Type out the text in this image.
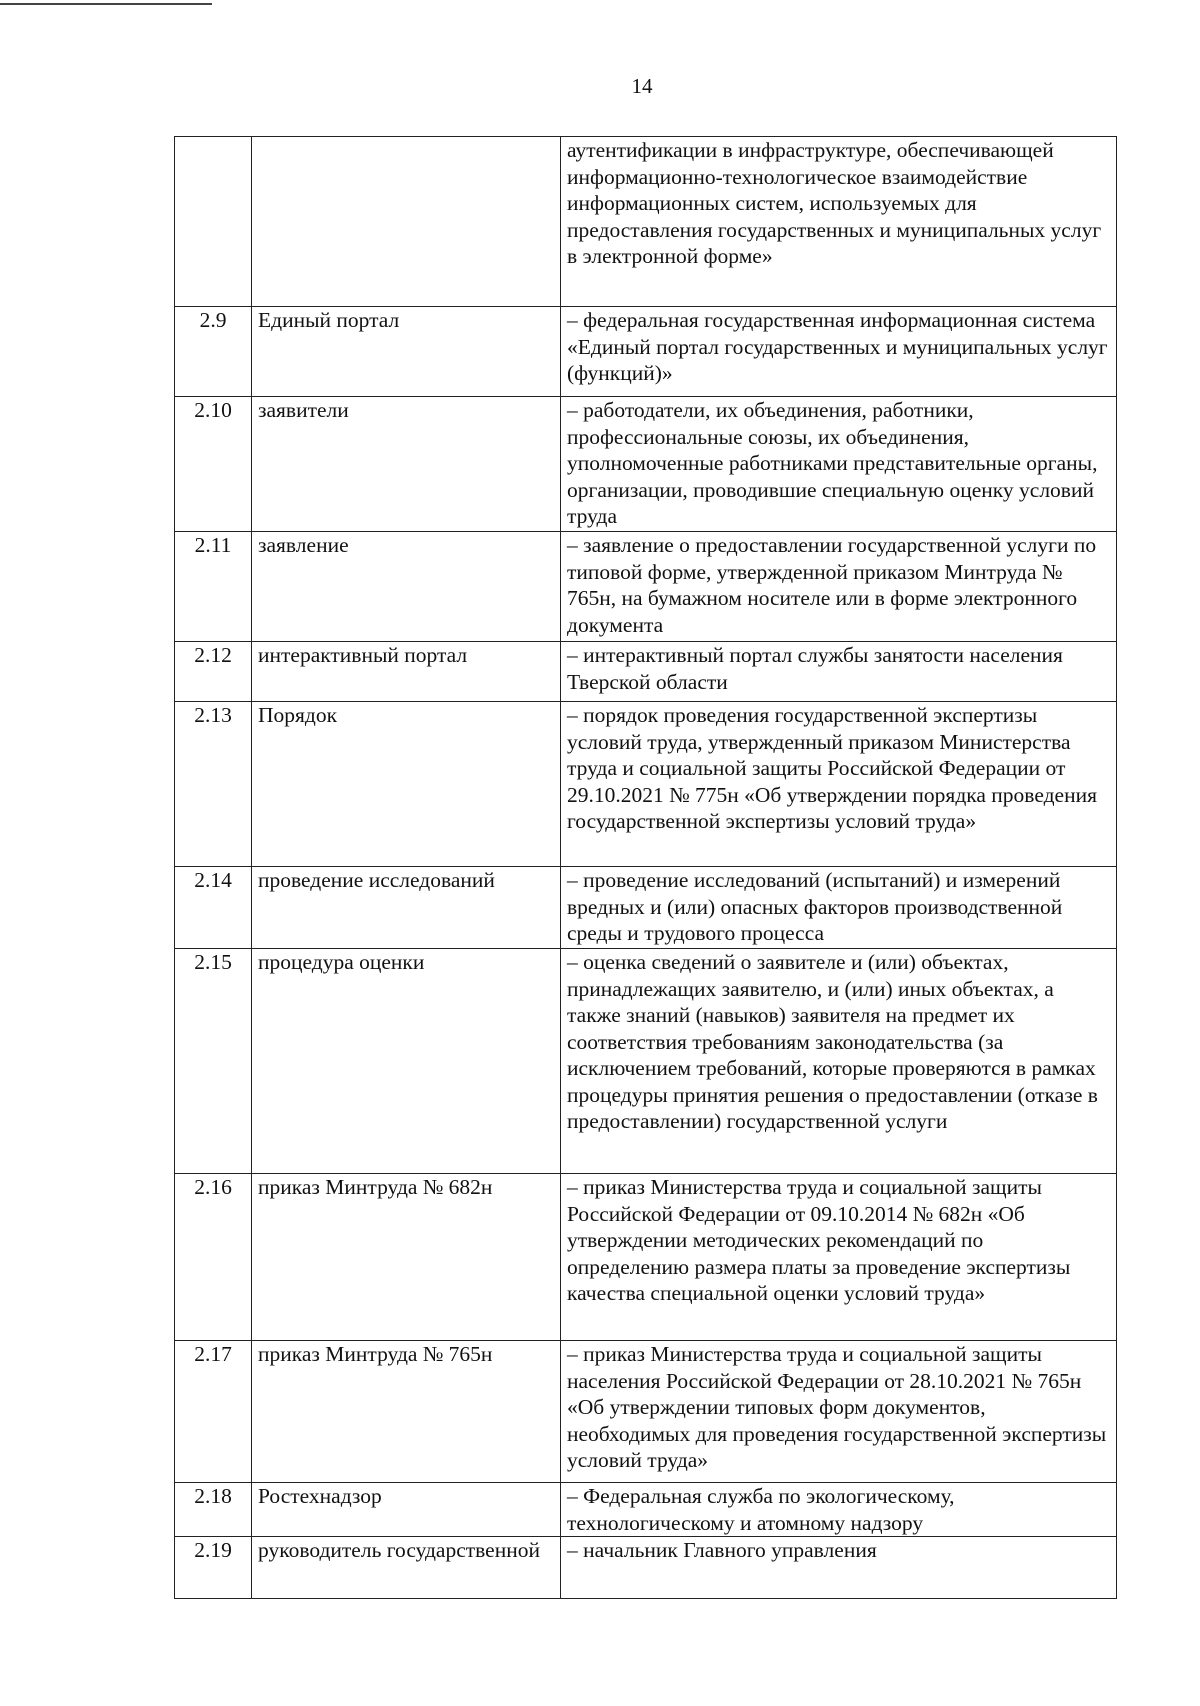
14
		аутентификации в инфраструктуре, обеспечивающей информационно-технологическое взаимодействие информационных систем, используемых для предоставления государственных и муниципальных услуг в электронной форме»
2.9	Единый портал	– федеральная государственная информационная система «Единый портал государственных и муниципальных услуг (функций)»
2.10	заявители	– работодатели, их объединения, работники, профессиональные союзы, их объединения, уполномоченные работниками представительные органы, организации, проводившие специальную оценку условий труда
2.11	заявление	– заявление о предоставлении государственной услуги по типовой форме, утвержденной приказом Минтруда № 765н, на бумажном носителе или в форме электронного документа
2.12	интерактивный портал	– интерактивный портал службы занятости населения Тверской области
2.13	Порядок	– порядок проведения государственной экспертизы условий труда, утвержденный приказом Министерства труда и социальной защиты Российской Федерации от 29.10.2021 № 775н «Об утверждении порядка проведения государственной экспертизы условий труда»
2.14	проведение исследований	– проведение исследований (испытаний) и измерений вредных и (или) опасных факторов производственной среды и трудового процесса
2.15	процедура оценки	– оценка сведений о заявителе и (или) объектах, принадлежащих заявителю, и (или) иных объектах, а также знаний (навыков) заявителя на предмет их соответствия требованиям законодательства (за исключением требований, которые проверяются в рамках процедуры принятия решения о предоставлении (отказе в предоставлении) государственной услуги
2.16	приказ Минтруда № 682н	– приказ Министерства труда и социальной защиты Российской Федерации от 09.10.2014 № 682н «Об утверждении методических рекомендаций по определению размера платы за проведение экспертизы качества специальной оценки условий труда»
2.17	приказ Минтруда № 765н	– приказ Министерства труда и социальной защиты населения Российской Федерации от 28.10.2021 № 765н «Об утверждении типовых форм документов, необходимых для проведения государственной экспертизы условий труда»
2.18	Ростехнадзор	– Федеральная служба по экологическому, технологическому и атомному надзору
2.19	руководитель государственной	– начальник Главного управления
